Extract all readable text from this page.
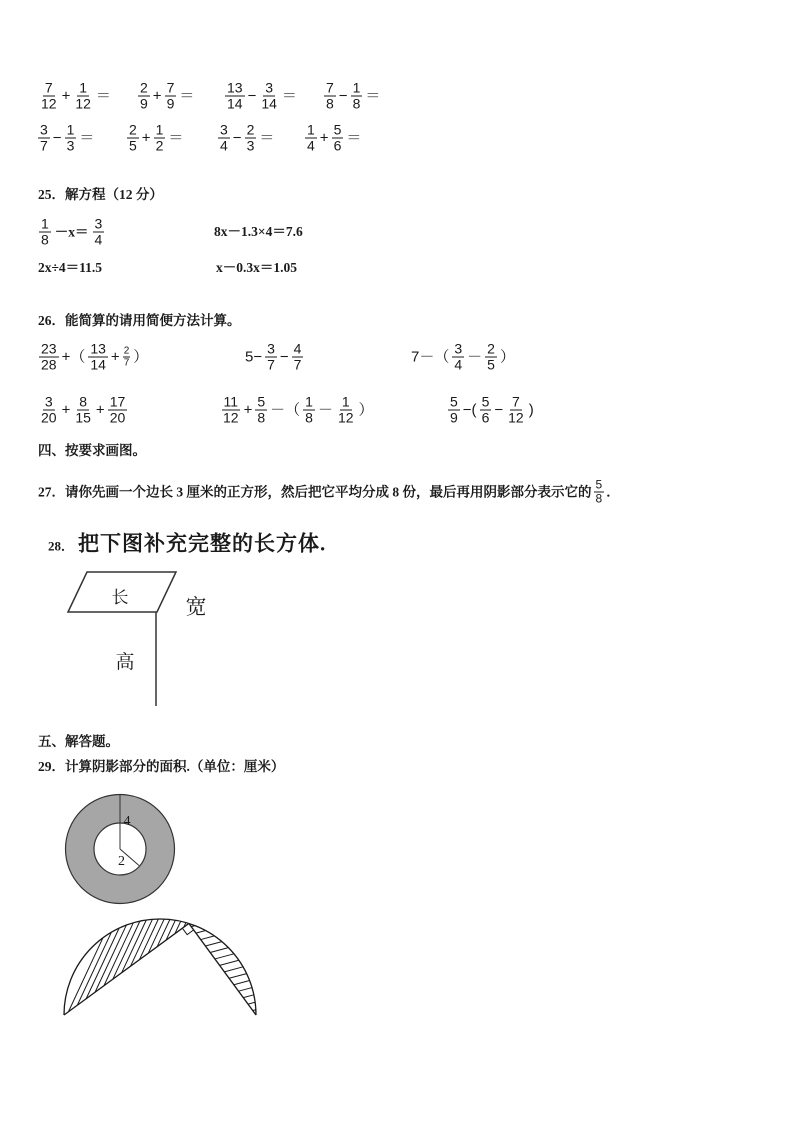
$\frac{7}{12} + \frac{1}{12} = \frac{2}{9} + \frac{7}{9} = \frac{13}{14} - \frac{3}{14} = \frac{7}{8} - \frac{1}{8}$ ＝
$\frac{3}{7} - \frac{1}{3} = \frac{2}{5} + \frac{1}{2} = \frac{3}{4} - \frac{2}{3} = \frac{1}{4} + \frac{5}{6}$ ＝
25．解方程（12 分）
$\frac{1}{8} -x= \frac{3}{4}$	8x－1.3×4＝7.6
2x÷4＝11.5	x－0.3x＝1.05
26．能简算的请用简便方法计算。
$\frac{23}{28}$ +（ $\frac{13}{14} + \frac{2}{7}$ ）	$5- \frac{3}{7} - \frac{4}{7}$	$7-( \frac{3}{4} - \frac{2}{5}$ ）
$\frac{3}{20} + \frac{8}{15} + \frac{17}{20}$	$\frac{11}{12} + \frac{5}{8}$ －（ $\frac{1}{8} - \frac{1}{12}$ ）	$\frac{5}{9}$ −( $\frac{5}{6} - \frac{7}{12}$ )
四、按要求画图。
27．请你先画一个边长 3 厘米的正方形，然后把它平均分成 8 份，最后再用阴影部分表示它的 $\frac{5}{8}$ ．
28． 把下图补充完整的长方体.
五、解答题。
29．计算阴影部分的面积.（单位：厘米）
长	宽
高
4
2
